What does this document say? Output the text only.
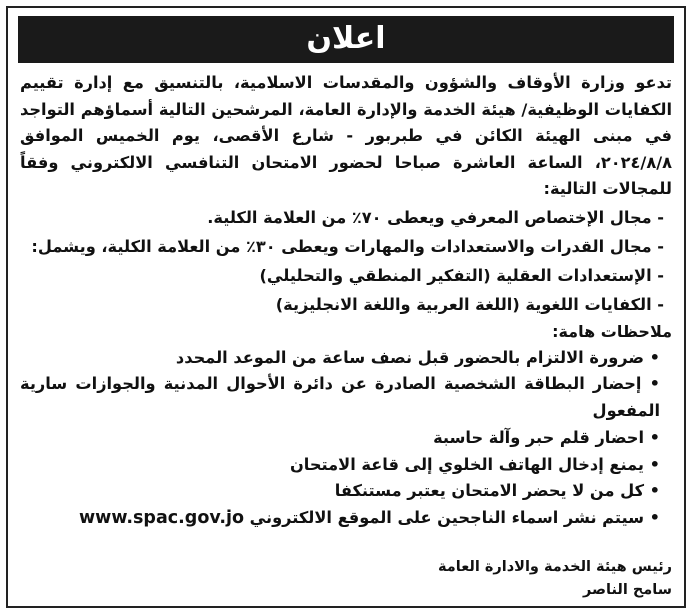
اعلان

تدعو وزارة الأوقاف والشؤون والمقدسات الاسلامية، بالتنسيق مع إدارة تقييم الكفايات الوظيفية/ هيئة الخدمة والإدارة العامة، المرشحين التالية أسماؤهم التواجد في مبنى الهيئة الكائن في طبربور - شارع الأقصى، يوم الخميس الموافق ٢٠٢٤/٨/٨، الساعة العاشرة صباحا لحضور الامتحان التنافسي الالكتروني وفقاً للمجالات التالية:

- مجال الإختصاص المعرفي ويعطى ٧٠٪ من العلامة الكلية.
- مجال القدرات والاستعدادات والمهارات ويعطى ٣٠٪ من العلامة الكلية، ويشمل:
- الإستعدادات العقلية (التفكير المنطقي والتحليلي)
- الكفايات اللغوية (اللغة العربية واللغة الانجليزية)

ملاحظات هامة:

• ضرورة الالتزام بالحضور قبل نصف ساعة من الموعد المحدد
• إحضار البطاقة الشخصية الصادرة عن دائرة الأحوال المدنية والجوازات سارية المفعول
• احضار قلم حبر وآلة حاسبة
• يمنع إدخال الهاتف الخلوي إلى قاعة الامتحان
• كل من لا يحضر الامتحان يعتبر مستنكفا
• سيتم نشر اسماء الناجحين على الموقع الالكتروني www.spac.gov.jo
رئيس هيئة الخدمة والادارة العامة
سامح الناصر
